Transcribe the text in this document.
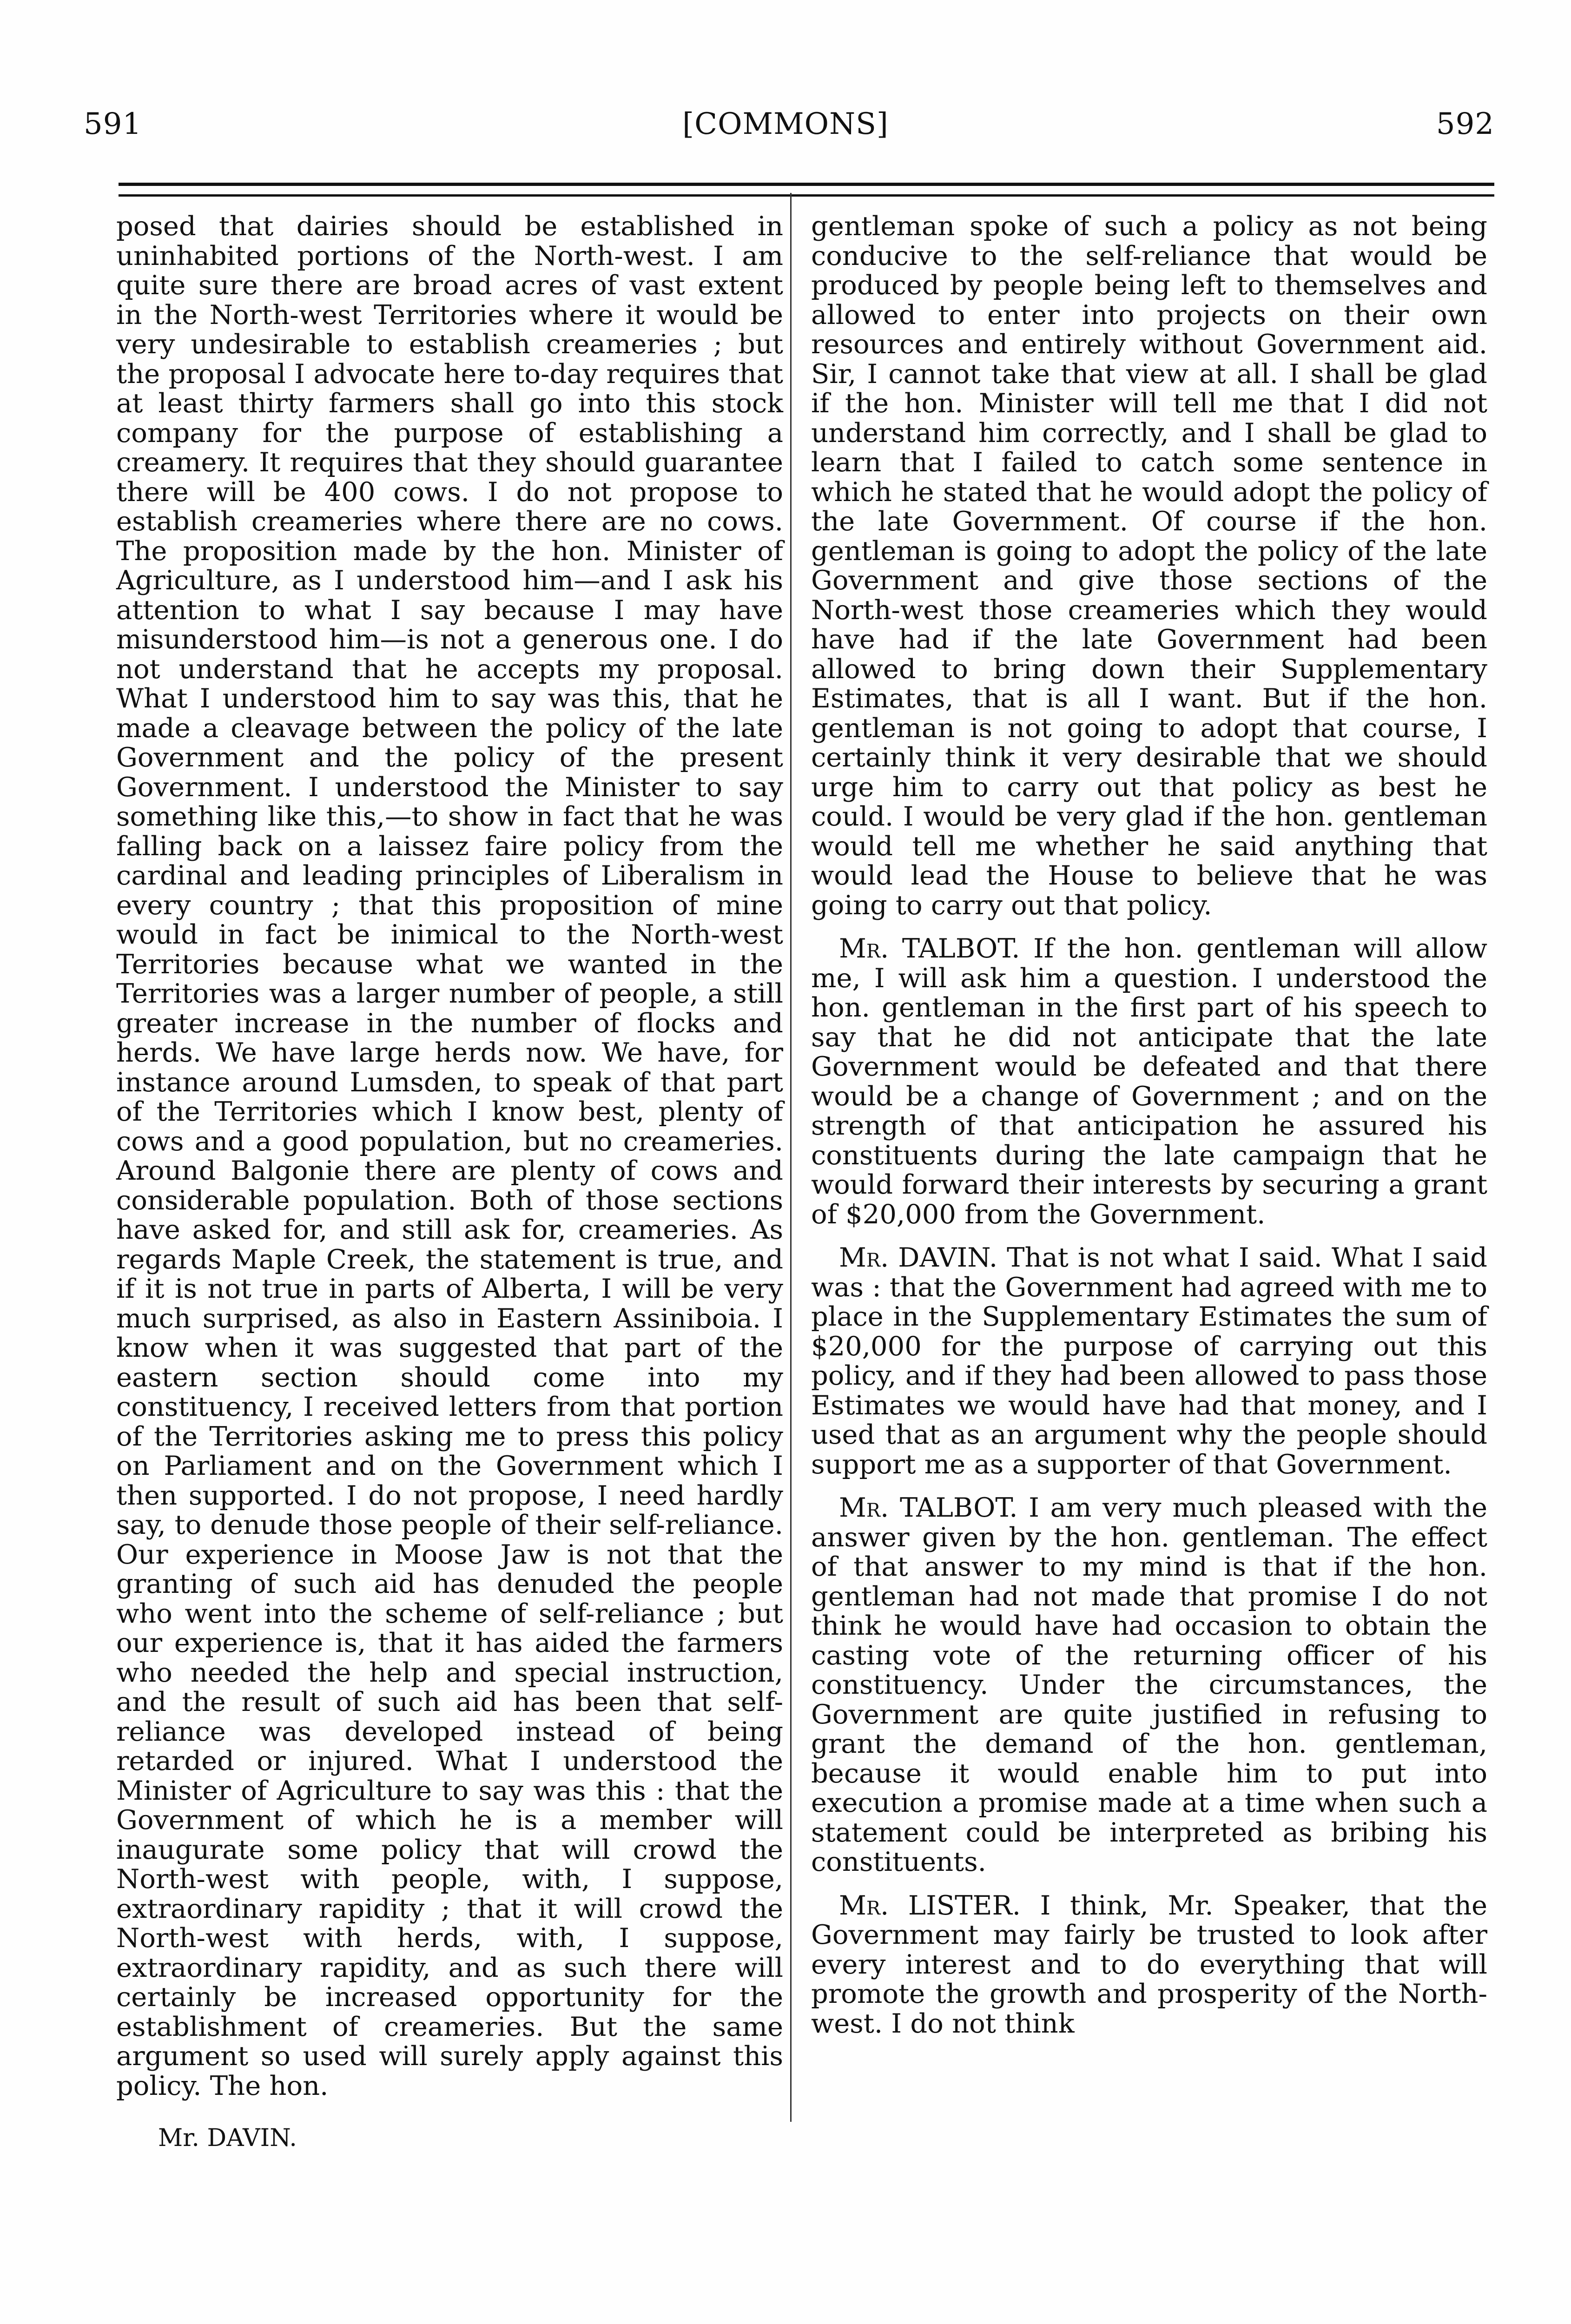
591	[COMMONS]	592

posed that dairies should be established in uninhabited portions of the North-west. I am quite sure there are broad acres of vast extent in the North-west Territories where it would be very undesirable to establish creameries ; but the proposal I advocate here to-day requires that at least thirty farmers shall go into this stock company for the purpose of establishing a creamery. It requires that they should guarantee there will be 400 cows. I do not propose to establish creameries where there are no cows. The proposition made by the hon. Minister of Agriculture, as I understood him—and I ask his attention to what I say because I may have misunderstood him—is not a generous one. I do not understand that he accepts my proposal. What I understood him to say was this, that he made a cleavage between the policy of the late Government and the policy of the present Government. I understood the Minister to say something like this,—to show in fact that he was falling back on a laissez faire policy from the cardinal and leading principles of Liberalism in every country ; that this proposition of mine would in fact be inimical to the North-west Territories because what we wanted in the Territories was a larger number of people, a still greater increase in the number of flocks and herds. We have large herds now. We have, for instance around Lumsden, to speak of that part of the Territories which I know best, plenty of cows and a good population, but no creameries. Around Balgonie there are plenty of cows and considerable population. Both of those sections have asked for, and still ask for, creameries. As regards Maple Creek, the statement is true, and if it is not true in parts of Alberta, I will be very much surprised, as also in Eastern Assiniboia. I know when it was suggested that part of the eastern section should come into my constituency, I received letters from that portion of the Territories asking me to press this policy on Parliament and on the Government which I then supported. I do not propose, I need hardly say, to denude those people of their self-reliance. Our experience in Moose Jaw is not that the granting of such aid has denuded the people who went into the scheme of self-reliance ; but our experience is, that it has aided the farmers who needed the help and special instruction, and the result of such aid has been that self-reliance was developed instead of being retarded or injured. What I understood the Minister of Agriculture to say was this : that the Government of which he is a member will inaugurate some policy that will crowd the North-west with people, with, I suppose, extraordinary rapidity ; that it will crowd the North-west with herds, with, I suppose, extraordinary rapidity, and as such there will certainly be increased opportunity for the establishment of creameries. But the same argument so used will surely apply against this policy. The hon.

gentleman spoke of such a policy as not being conducive to the self-reliance that would be produced by people being left to themselves and allowed to enter into projects on their own resources and entirely without Government aid. Sir, I cannot take that view at all. I shall be glad if the hon. Minister will tell me that I did not understand him correctly, and I shall be glad to learn that I failed to catch some sentence in which he stated that he would adopt the policy of the late Government. Of course if the hon. gentleman is going to adopt the policy of the late Government and give those sections of the North-west those creameries which they would have had if the late Government had been allowed to bring down their Supplementary Estimates, that is all I want. But if the hon. gentleman is not going to adopt that course, I certainly think it very desirable that we should urge him to carry out that policy as best he could. I would be very glad if the hon. gentleman would tell me whether he said anything that would lead the House to believe that he was going to carry out that policy.

Mr. TALBOT. If the hon. gentleman will allow me, I will ask him a question. I understood the hon. gentleman in the first part of his speech to say that he did not anticipate that the late Government would be defeated and that there would be a change of Government ; and on the strength of that anticipation he assured his constituents during the late campaign that he would forward their interests by securing a grant of $20,000 from the Government.

Mr. DAVIN. That is not what I said. What I said was : that the Government had agreed with me to place in the Supplementary Estimates the sum of $20,000 for the purpose of carrying out this policy, and if they had been allowed to pass those Estimates we would have had that money, and I used that as an argument why the people should support me as a supporter of that Government.

Mr. TALBOT. I am very much pleased with the answer given by the hon. gentleman. The effect of that answer to my mind is that if the hon. gentleman had not made that promise I do not think he would have had occasion to obtain the casting vote of the returning officer of his constituency. Under the circumstances, the Government are quite justified in refusing to grant the demand of the hon. gentleman, because it would enable him to put into execution a promise made at a time when such a statement could be interpreted as bribing his constituents.

Mr. LISTER. I think, Mr. Speaker, that the Government may fairly be trusted to look after every interest and to do everything that will promote the growth and prosperity of the North-west. I do not think

Mr. DAVIN.
